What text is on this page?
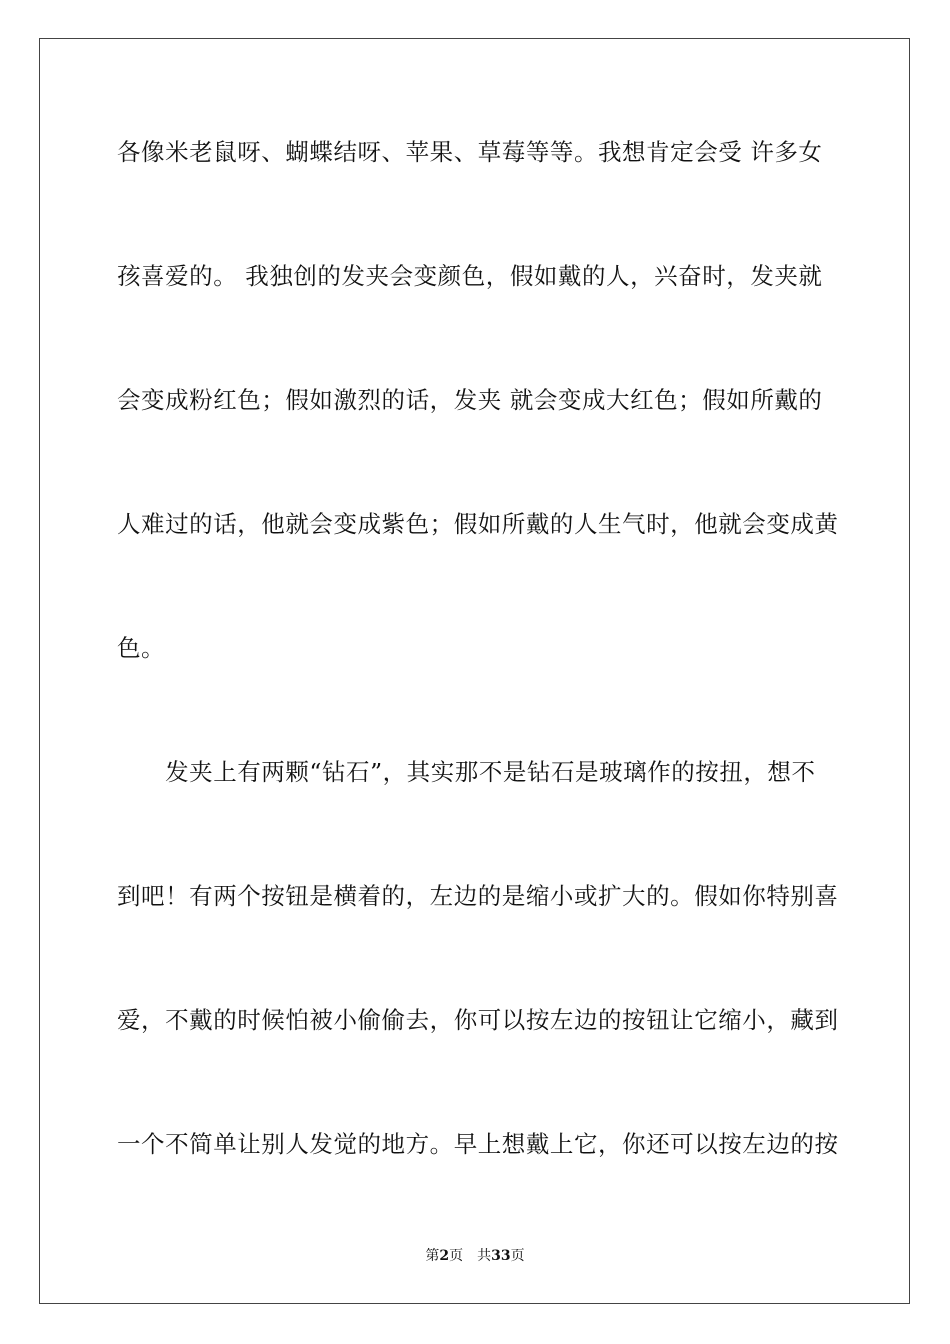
各像米老鼠呀、蝴蝶结呀、苹果、草莓等等。我想肯定会受 许多女
孩喜爱的。 我独创的发夹会变颜色，假如戴的人，兴奋时，发夹就
会变成粉红色；假如激烈的话，发夹 就会变成大红色；假如所戴的
人难过的话，他就会变成紫色；假如所戴的人生气时，他就会变成黄
色。
　　发夹上有两颗“钻石”，其实那不是钻石是玻璃作的按扭，想不
到吧！有两个按钮是横着的，左边的是缩小或扩大的。假如你特别喜
爱，不戴的时候怕被小偷偷去，你可以按左边的按钮让它缩小，藏到
一个不简单让别人发觉的地方。早上想戴上它，你还可以按左边的按
第2页 共33页
